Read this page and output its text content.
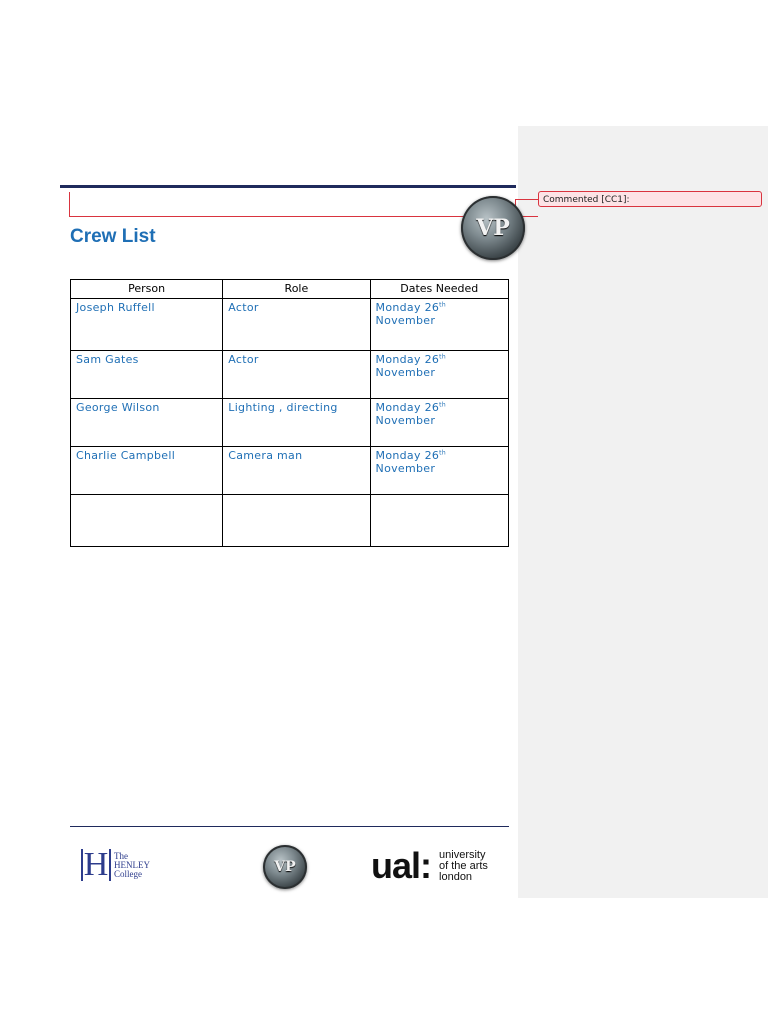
Commented [CC1]:
VP
Crew List
Person	Role	Dates Needed
Joseph Ruffell	Actor	Monday 26th
November
Sam Gates	Actor	Monday 26th
November
George Wilson	Lighting , directing	Monday 26th
November
Charlie Campbell	Camera man	Monday 26th
November

H The
HENLEY
College	VP ual: university
of the arts
london
